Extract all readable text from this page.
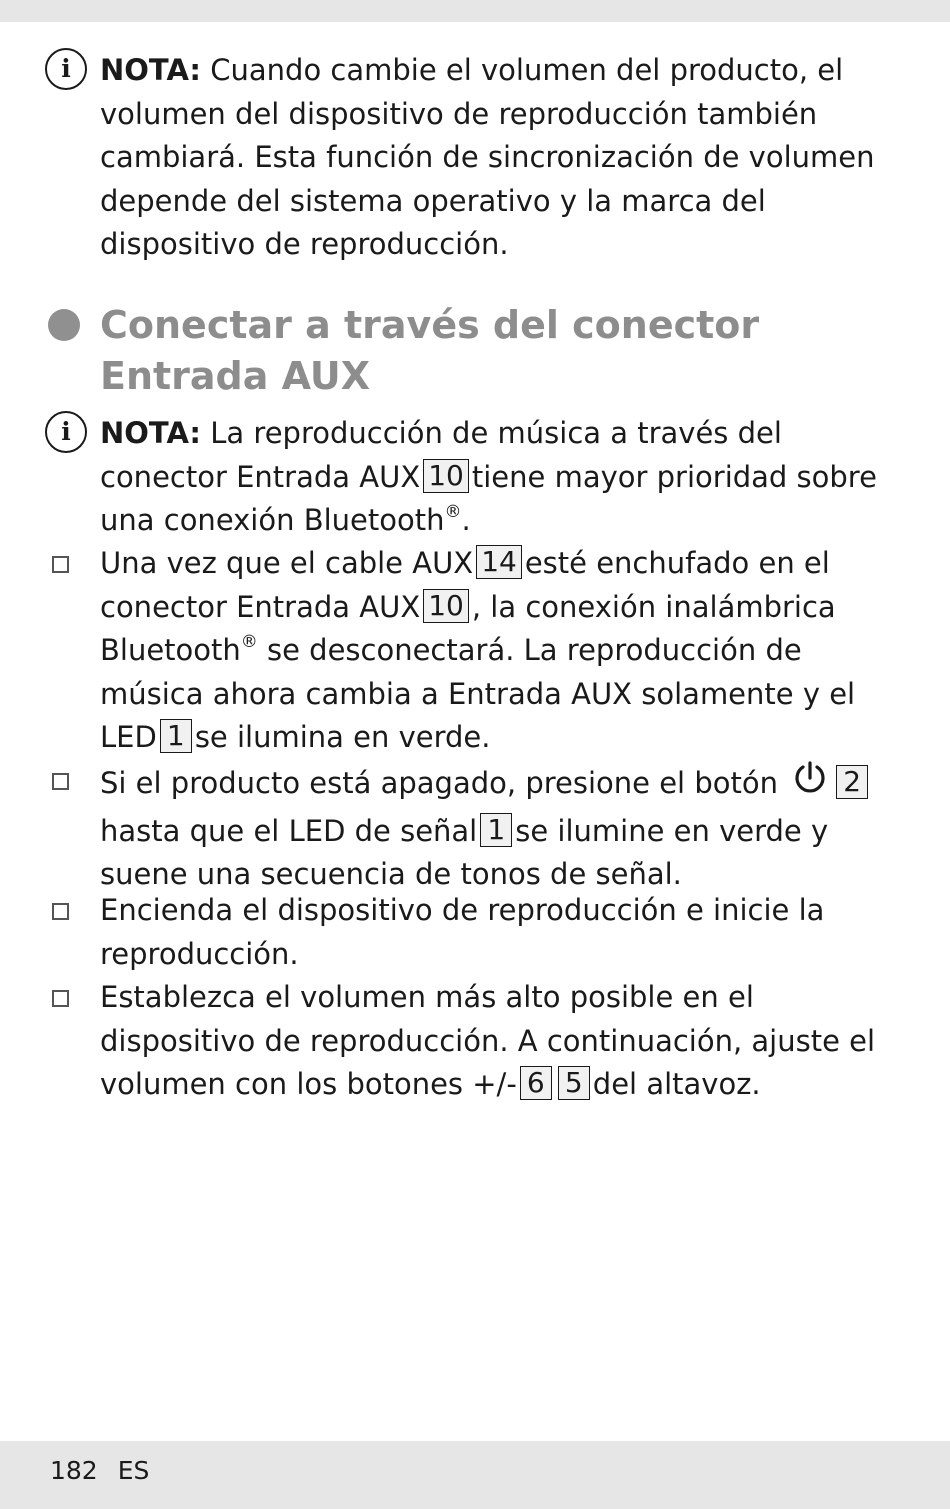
i	NOTA: Cuando cambie el volumen del producto, el volumen del dispositivo de reproducción también cambiará. Esta función de sincronización de volumen depende del sistema operativo y la marca del dispositivo de reproducción.
Conectar a través del conector
Entrada AUX
i	NOTA: La reproducción de música a través del conector Entrada AUX 10 tiene mayor prioridad sobre una conexión Bluetooth®.
Una vez que el cable AUX 14 esté enchufado en el conector Entrada AUX 10 , la conexión inalámbrica Bluetooth® se desconectará. La reproducción de música ahora cambia a Entrada AUX solamente y el LED 1 se ilumina en verde.
Si el producto está apagado, presione el botón 2 hasta que el LED de señal 1 se ilumine en verde y suene una secuencia de tonos de señal.
Encienda el dispositivo de reproducción e inicie la reproducción.
Establezca el volumen más alto posible en el dispositivo de reproducción. A continuación, ajuste el volumen con los botones +/- 6 5 del altavoz.
182 ES
